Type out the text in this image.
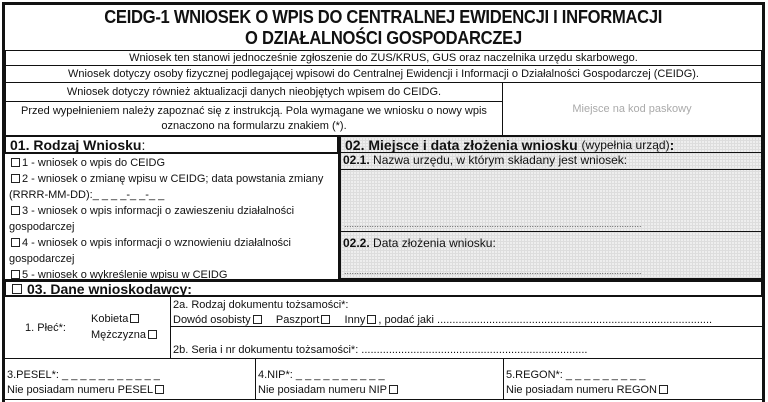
CEIDG-1 WNIOSEK O WPIS DO CENTRALNEJ EWIDENCJI I INFORMACJI
O DZIAŁALNOŚCI GOSPODARCZEJ
Wniosek ten stanowi jednocześnie zgłoszenie do ZUS/KRUS, GUS oraz naczelnika urzędu skarbowego.
Wniosek dotyczy osoby fizycznej podlegającej wpisowi do Centralnej Ewidencji i Informacji o Działalności Gospodarczej (CEIDG).
Wniosek dotyczy również aktualizacji danych nieobjętych wpisem do CEIDG.
Przed wypełnieniem należy zapoznać się z instrukcją. Pola wymagane we wniosku o nowy wpis
oznaczono na formularzu znakiem (*).
Miejsce na kod paskowy
01. Rodzaj Wniosku :
1 - wniosek o wpis do CEIDG
2 - wniosek o zmianę wpisu w CEIDG; data powstania zmiany
(RRRR-MM-DD):_ _ _ _-_ _-_ _
3 - wniosek o wpis informacji o zawieszeniu działalności
gospodarczej
4 - wniosek o wpis informacji o wznowieniu działalności
gospodarczej
5 - wniosek o wykreślenie wpisu w CEIDG
02. Miejsce i data złożenia wniosku
(wypełnia urząd) :
02.1. Nazwa urzędu, w którym składany jest wniosek:
.......................................................................................................................
02.2. Data złożenia wniosku:
.......................................................................................................................
03. Dane wnioskodawcy:
1. Płeć*:
Kobieta
Mężczyzna
2a. Rodzaj dokumentu tożsamości*:
Dowód osobisty Paszport Inny , podać jaki ..........................................................................................
2b. Seria i nr dokumentu tożsamości*: ..........................................................................
3.PESEL*: _ _ _ _ _ _ _ _ _ _ _
Nie posiadam numeru PESEL
4.NIP*: _ _ _ _ _ _ _ _ _ _
Nie posiadam numeru NIP
5.REGON*: _ _ _ _ _ _ _ _ _
Nie posiadam numeru REGON
